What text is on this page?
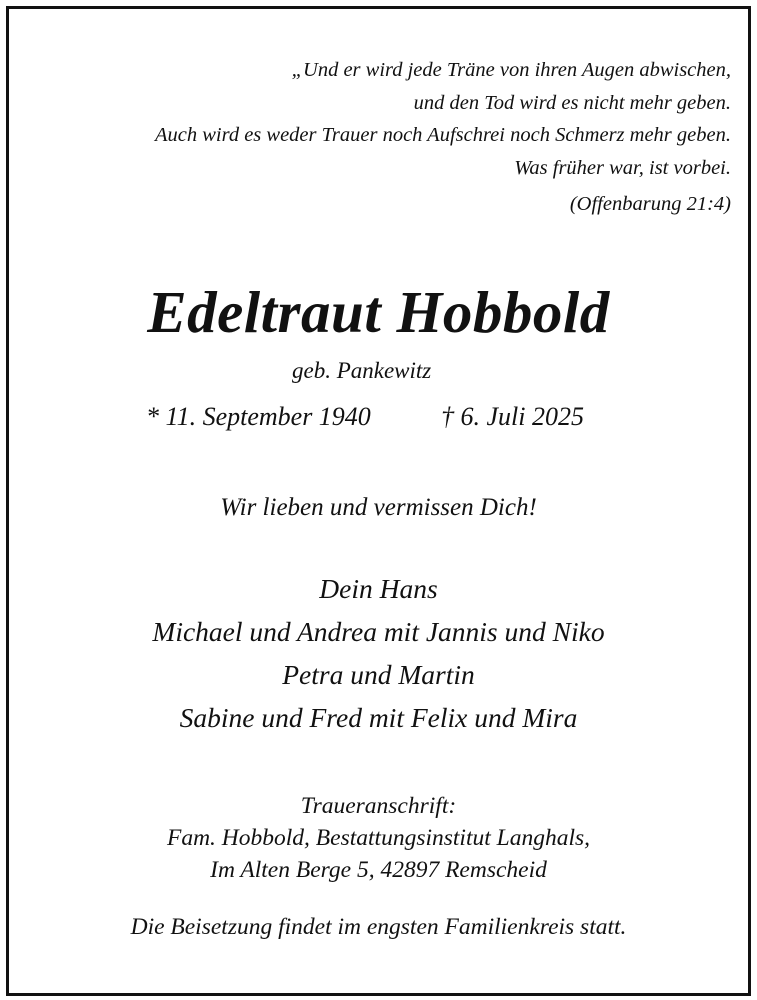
„Und er wird jede Träne von ihren Augen abwischen,
und den Tod wird es nicht mehr geben.
Auch wird es weder Trauer noch Aufschrei noch Schmerz mehr geben.
Was früher war, ist vorbei.
(Offenbarung 21:4)
Edeltraut Hobbold
geb. Pankewitz
* 11. September 1940	† 6. Juli 2025
Wir lieben und vermissen Dich!
Dein Hans
Michael und Andrea mit Jannis und Niko
Petra und Martin
Sabine und Fred mit Felix und Mira
Traueranschrift:
Fam. Hobbold, Bestattungsinstitut Langhals,
Im Alten Berge 5, 42897 Remscheid
Die Beisetzung findet im engsten Familienkreis statt.
